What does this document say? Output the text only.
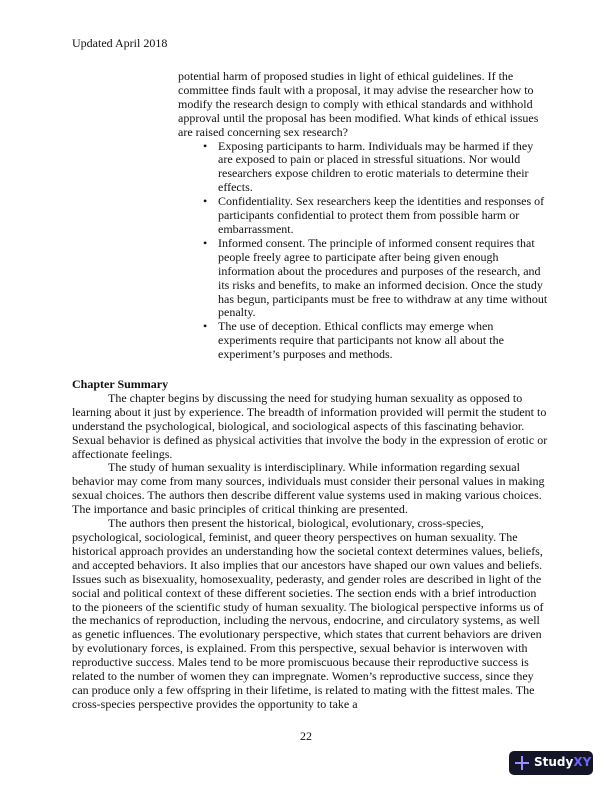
Updated April 2018

potential harm of proposed studies in light of ethical guidelines. If the committee finds fault with a proposal, it may advise the researcher how to modify the research design to comply with ethical standards and withhold approval until the proposal has been modified. What kinds of ethical issues are raised concerning sex research?

• Exposing participants to harm. Individuals may be harmed if they are exposed to pain or placed in stressful situations. Nor would researchers expose children to erotic materials to determine their effects.
• Confidentiality. Sex researchers keep the identities and responses of participants confidential to protect them from possible harm or embarrassment.
• Informed consent. The principle of informed consent requires that people freely agree to participate after being given enough information about the procedures and purposes of the research, and its risks and benefits, to make an informed decision. Once the study has begun, participants must be free to withdraw at any time without penalty.
• The use of deception. Ethical conflicts may emerge when experiments require that participants not know all about the experiment’s purposes and methods.
Chapter Summary

The chapter begins by discussing the need for studying human sexuality as opposed to learning about it just by experience. The breadth of information provided will permit the student to understand the psychological, biological, and sociological aspects of this fascinating behavior. Sexual behavior is defined as physical activities that involve the body in the expression of erotic or affectionate feelings.

The study of human sexuality is interdisciplinary. While information regarding sexual behavior may come from many sources, individuals must consider their personal values in making sexual choices. The authors then describe different value systems used in making various choices. The importance and basic principles of critical thinking are presented.

The authors then present the historical, biological, evolutionary, cross-species, psychological, sociological, feminist, and queer theory perspectives on human sexuality. The historical approach provides an understanding how the societal context determines values, beliefs, and accepted behaviors. It also implies that our ancestors have shaped our own values and beliefs. Issues such as bisexuality, homosexuality, pederasty, and gender roles are described in light of the social and political context of these different societies. The section ends with a brief introduction to the pioneers of the scientific study of human sexuality. The biological perspective informs us of the mechanics of reproduction, including the nervous, endocrine, and circulatory systems, as well as genetic influences. The evolutionary perspective, which states that current behaviors are driven by evolutionary forces, is explained. From this perspective, sexual behavior is interwoven with reproductive success. Males tend to be more promiscuous because their reproductive success is related to the number of women they can impregnate. Women’s reproductive success, since they can produce only a few offspring in their lifetime, is related to mating with the fittest males. The cross-species perspective provides the opportunity to take a

22
Study XY
